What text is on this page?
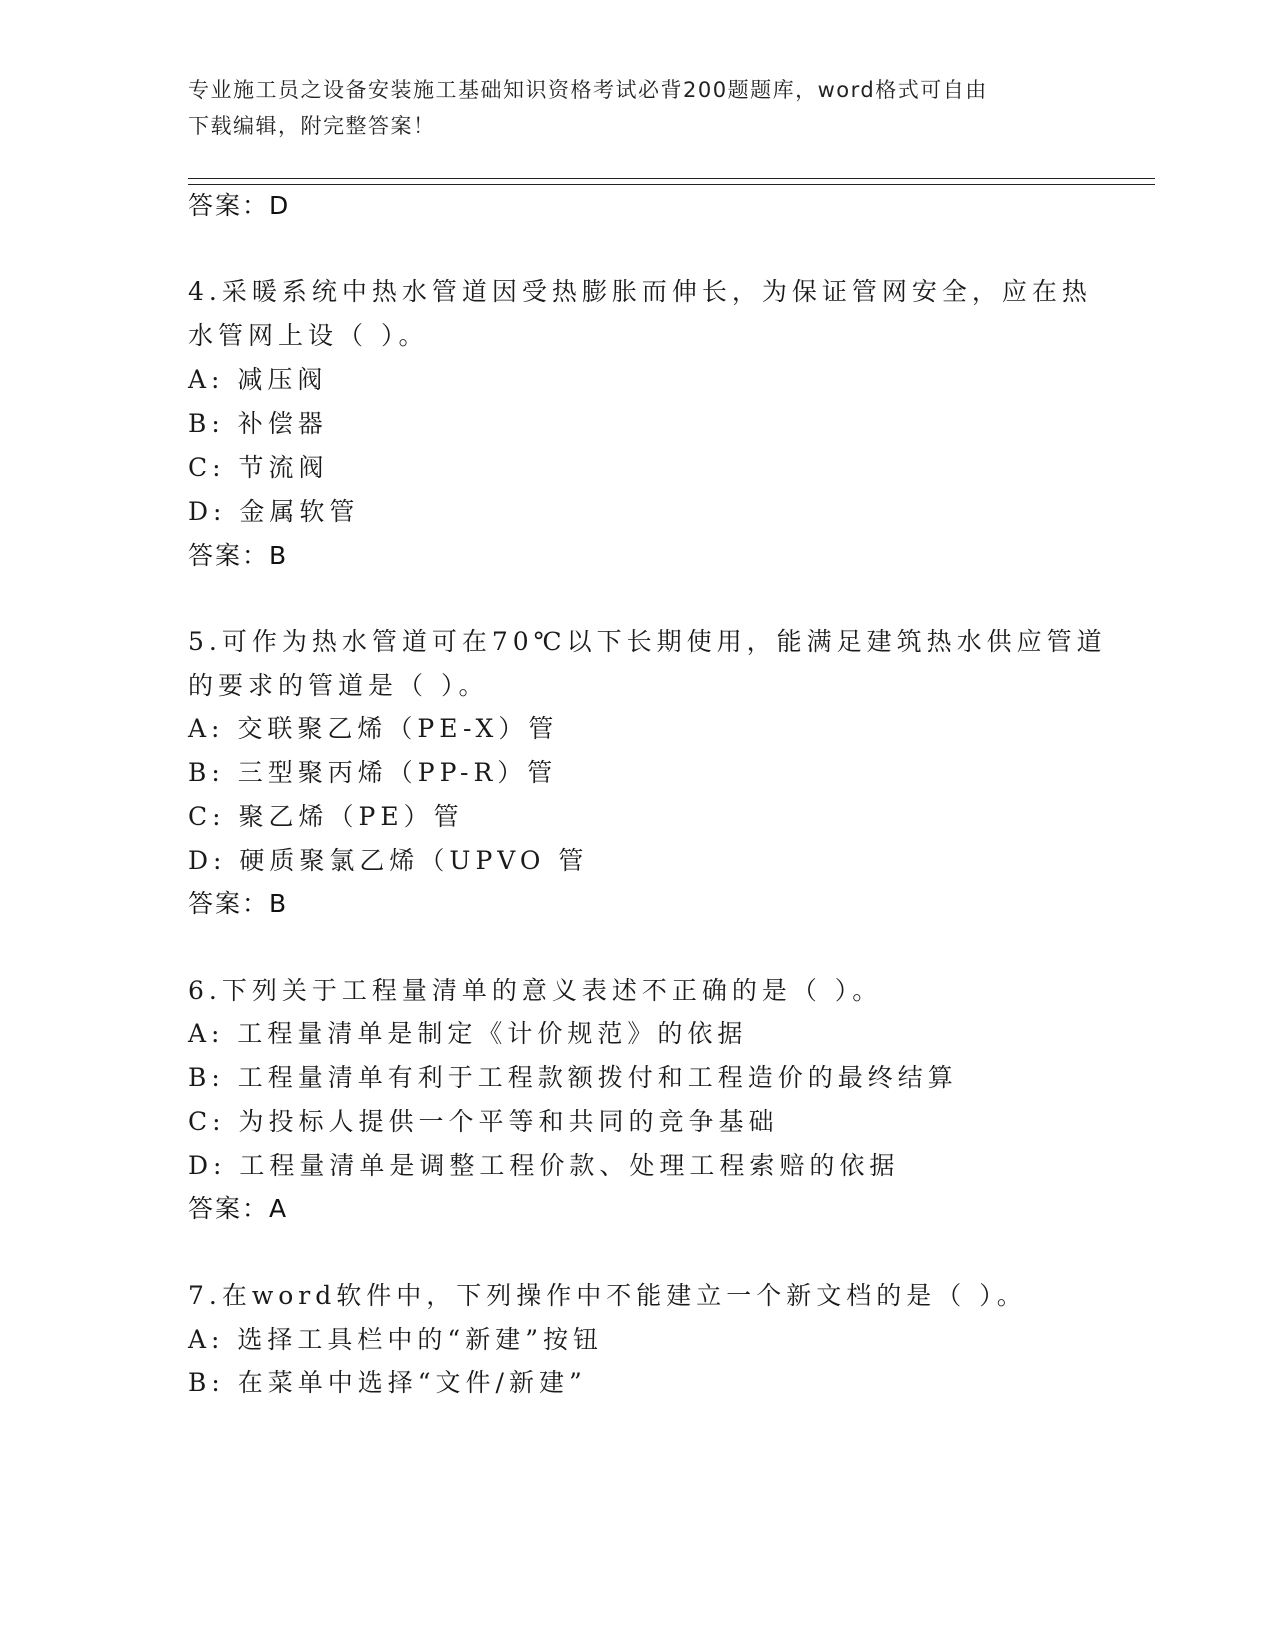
专业施工员之设备安装施工基础知识资格考试必背200题题库，word格式可自由
下载编辑，附完整答案！
答案：D
4.采暖系统中热水管道因受热膨胀而伸长，为保证管网安全，应在热
水管网上设（ ）。
A: 减压阀
B: 补偿器
C: 节流阀
D: 金属软管
答案：B
5.可作为热水管道可在70℃以下长期使用，能满足建筑热水供应管道
的要求的管道是（ ）。
A: 交联聚乙烯（PE-X）管
B: 三型聚丙烯（PP-R）管
C: 聚乙烯（PE）管
D: 硬质聚氯乙烯（UPVO 管
答案：B
6.下列关于工程量清单的意义表述不正确的是（ ）。
A: 工程量清单是制定《计价规范》的依据
B: 工程量清单有利于工程款额拨付和工程造价的最终结算
C: 为投标人提供一个平等和共同的竞争基础
D: 工程量清单是调整工程价款、处理工程索赔的依据
答案：A
7.在word软件中，下列操作中不能建立一个新文档的是（ ）。
A: 选择工具栏中的“新建”按钮
B: 在菜单中选择“文件/新建”
